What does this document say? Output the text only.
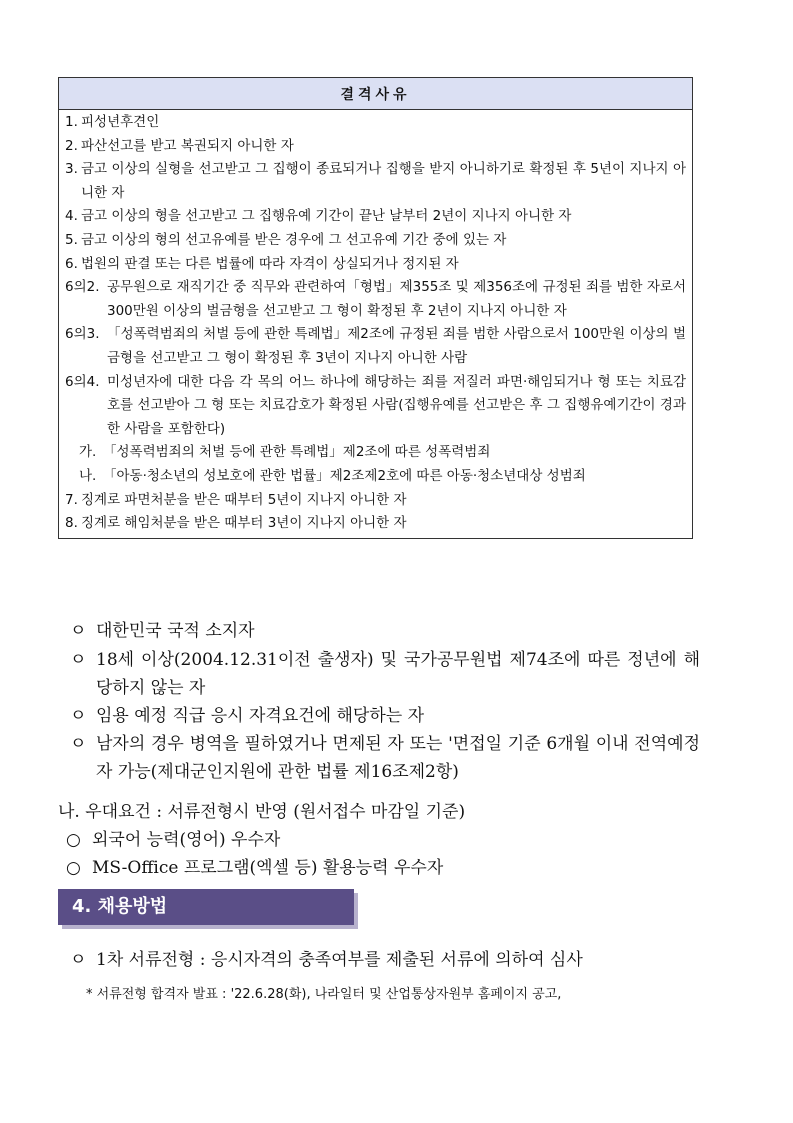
결격사유
1. 피성년후견인
2. 파산선고를 받고 복권되지 아니한 자
3. 금고 이상의 실형을 선고받고 그 집행이 종료되거나 집행을 받지 아니하기로 확정된 후 5년이 지나지 아니한 자
4. 금고 이상의 형을 선고받고 그 집행유예 기간이 끝난 날부터 2년이 지나지 아니한 자
5. 금고 이상의 형의 선고유예를 받은 경우에 그 선고유예 기간 중에 있는 자
6. 법원의 판결 또는 다른 법률에 따라 자격이 상실되거나 정지된 자
6의2. 공무원으로 재직기간 중 직무와 관련하여「형법」제355조 및 제356조에 규정된 죄를 범한 자로서 300만원 이상의 벌금형을 선고받고 그 형이 확정된 후 2년이 지나지 아니한 자
6의3. 「성폭력범죄의 처벌 등에 관한 특례법」제2조에 규정된 죄를 범한 사람으로서 100만원 이상의 벌금형을 선고받고 그 형이 확정된 후 3년이 지나지 아니한 사람
6의4. 미성년자에 대한 다음 각 목의 어느 하나에 해당하는 죄를 저질러 파면·해임되거나 형 또는 치료감호를 선고받아 그 형 또는 치료감호가 확정된 사람(집행유예를 선고받은 후 그 집행유예기간이 경과한 사람을 포함한다)
가. 「성폭력범죄의 처벌 등에 관한 특례법」제2조에 따른 성폭력범죄
나. 「아동·청소년의 성보호에 관한 법률」제2조제2호에 따른 아동·청소년대상 성범죄
7. 징계로 파면처분을 받은 때부터 5년이 지나지 아니한 자
8. 징계로 해임처분을 받은 때부터 3년이 지나지 아니한 자
ㅇ 대한민국 국적 소지자
ㅇ 18세 이상(2004.12.31이전 출생자) 및 국가공무원법 제74조에 따른 정년에 해당하지 않는 자
ㅇ 임용 예정 직급 응시 자격요건에 해당하는 자
ㅇ 남자의 경우 병역을 필하였거나 면제된 자 또는 '면접일 기준 6개월 이내 전역예정자 가능(제대군인지원에 관한 법률 제16조제2항)
나. 우대요건 : 서류전형시 반영 (원서접수 마감일 기준)
○ 외국어 능력(영어) 우수자
○ MS-Office 프로그램(엑셀 등) 활용능력 우수자
4. 채용방법
ㅇ 1차 서류전형 : 응시자격의 충족여부를 제출된 서류에 의하여 심사
* 서류전형 합격자 발표 : '22.6.28(화), 나라일터 및 산업통상자원부 홈페이지 공고,
